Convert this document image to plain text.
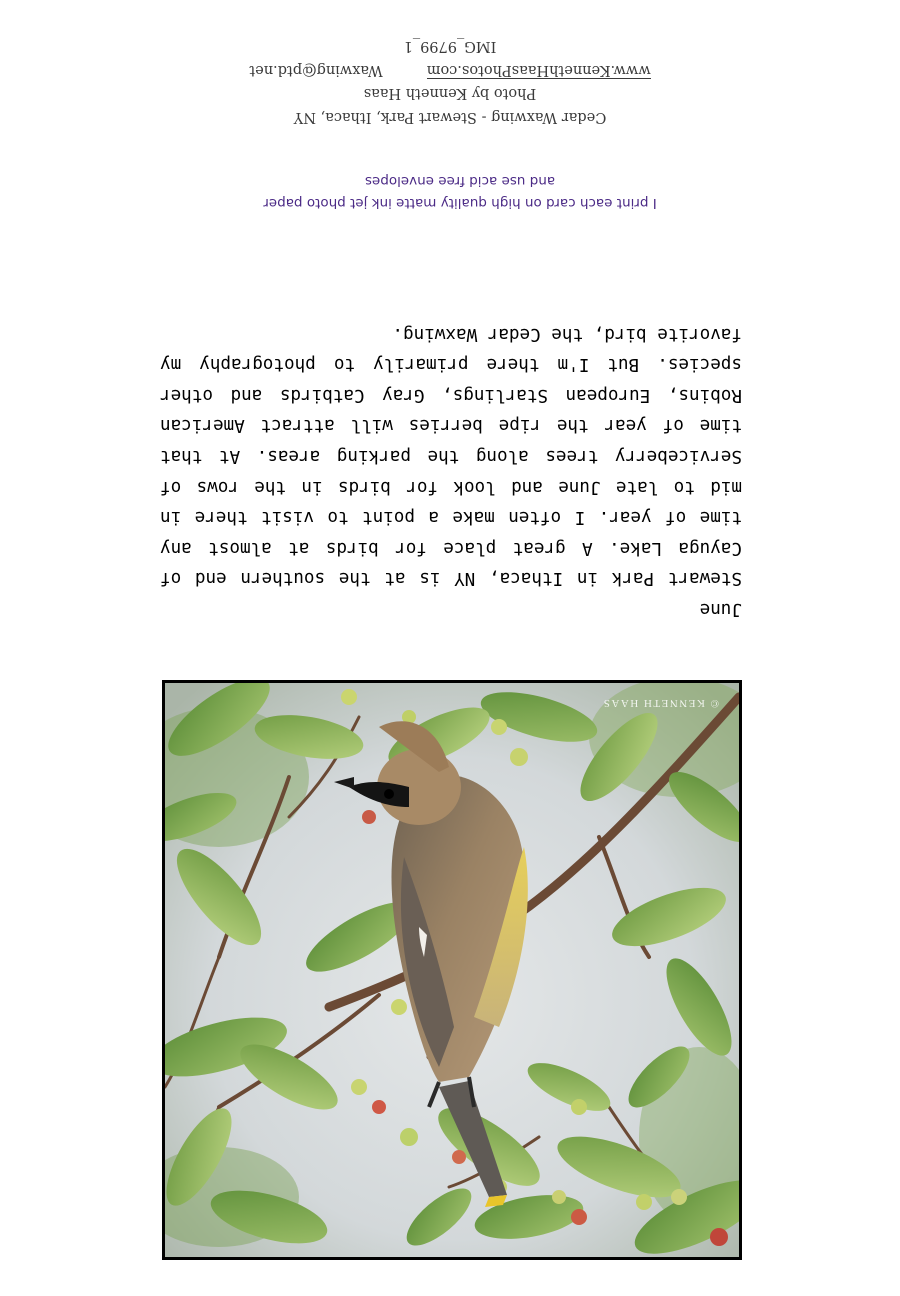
© KENNETH HAAS
June
Stewart Park in Ithaca, NY is at the southern end of Cayuga Lake. A great place for birds at almost any time of year. I often make a point to visit there in mid to late June and look for birds in the rows of Serviceberry trees along the parking areas. At that time of year the ripe berries will attract American Robins, European Starlings, Gray Catbirds and other species. But I'm there primarily to photography my favorite bird, the Cedar Waxwing.
I print each card on high quality matte ink jet photo paper
and use acid free envelopes
Cedar Waxwing - Stewart Park, Ithaca, NY
Photo by Kenneth Haas
www.KennethHaasPhotos.comWaxwing@ptd.net
IMG_9799_1
